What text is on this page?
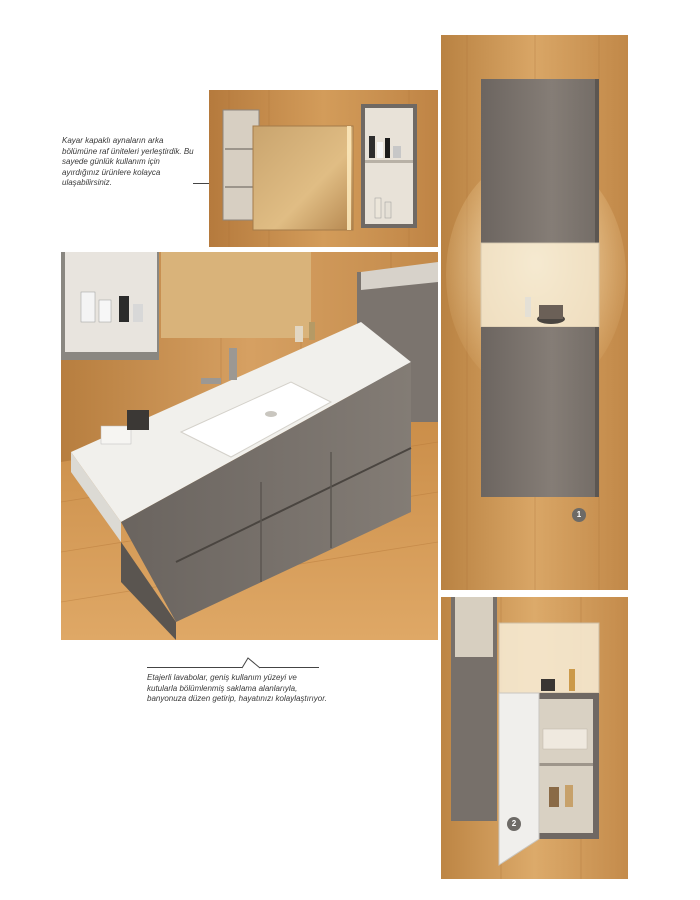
Kayar kapaklı aynaların arka bölümüne raf üniteleri yerleştirdik. Bu sayede günlük kullanım için ayırdığınız ürünlere kolayca ulaşabilirsiniz.
Etajerli lavabolar, geniş kullanım yüzeyi ve kutularla bölümlenmiş saklama alanlarıyla, banyonuza düzen getirip, hayatınızı kolaylaştırıyor.
1
2
